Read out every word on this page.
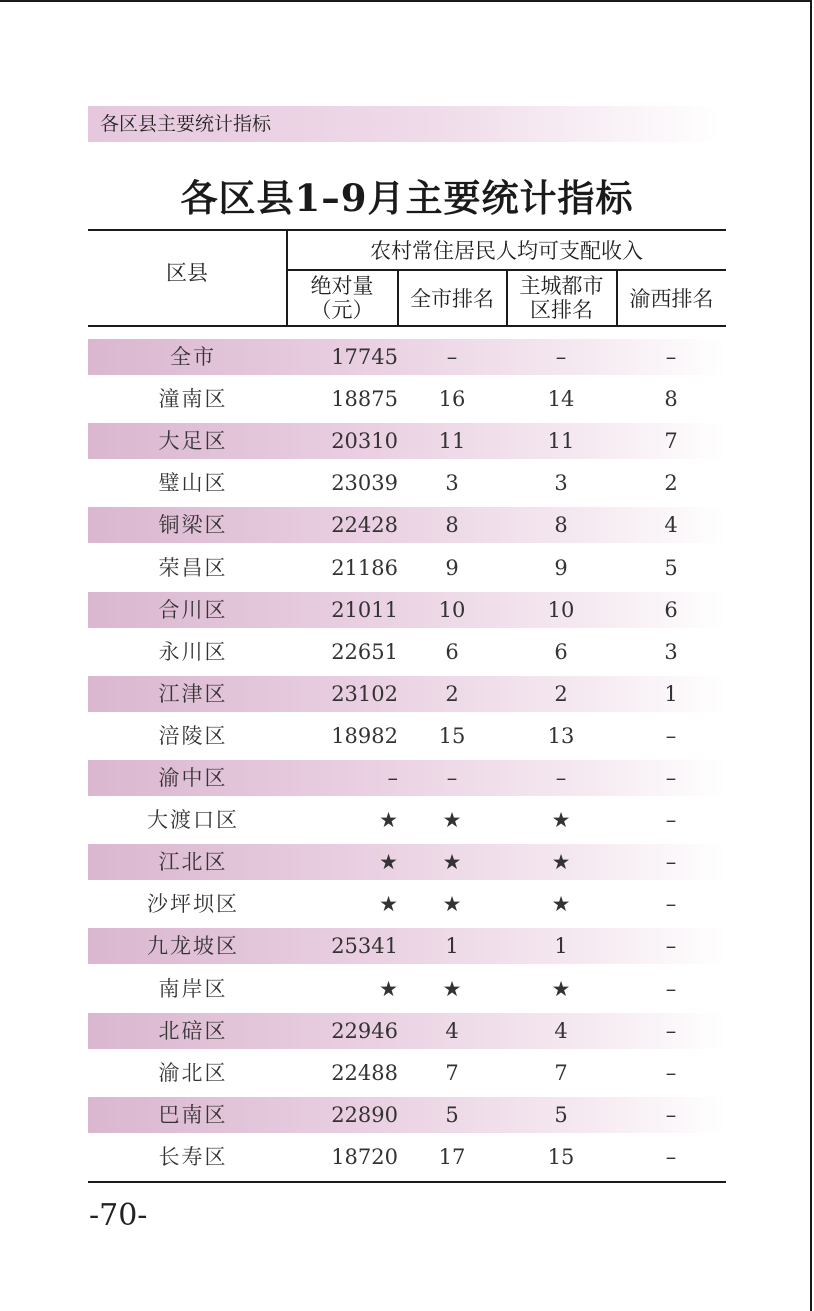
各区县主要统计指标
各区县1–9月主要统计指标
区县
农村常住居民人均可支配收入
绝对量
（元）	全市排名
主城都市
区排名	渝西排名
全市	17745	–	–	–
潼南区	18875	16	14	8
大足区	20310	11	11	7
璧山区	23039	3	3	2
铜梁区	22428	8	8	4
荣昌区	21186	9	9	5
合川区	21011	10	10	6
永川区	22651	6	6	3
江津区	23102	2	2	1
涪陵区	18982	15	13	–
渝中区	–	–	–	–
大渡口区	★	★	★	–
江北区	★	★	★	–
沙坪坝区	★	★	★	–
九龙坡区	25341	1	1	–
南岸区	★	★	★	–
北碚区	22946	4	4	–
渝北区	22488	7	7	–
巴南区	22890	5	5	–
长寿区	18720	17	15	–
-70-
